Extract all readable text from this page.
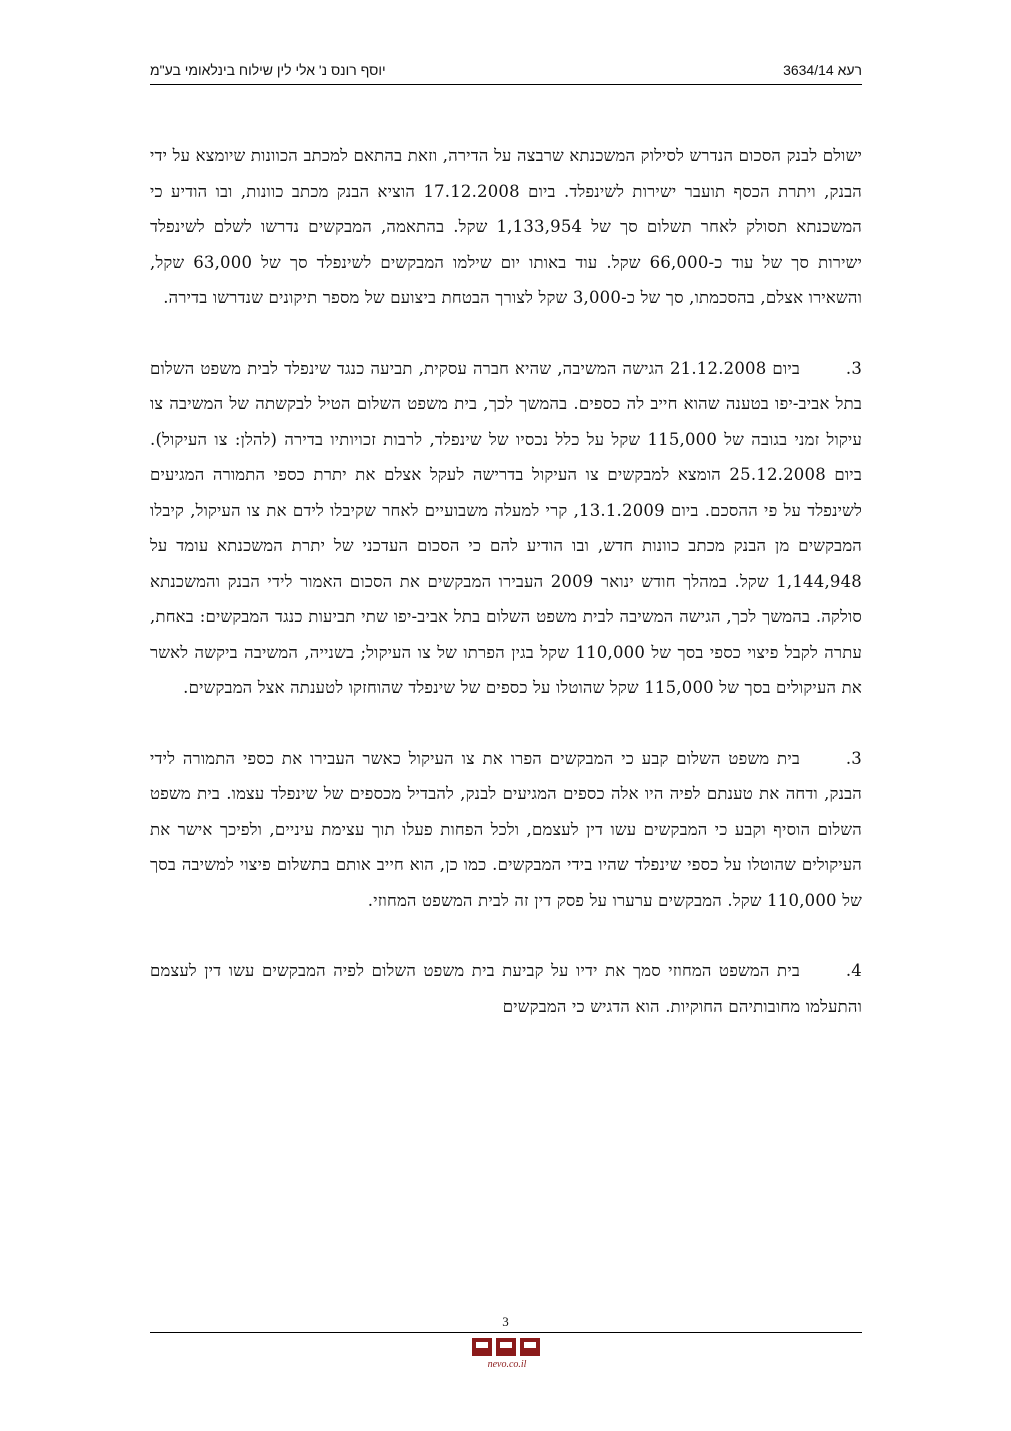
רעא 3634/14
יוסף רונס נ' אלי לין שילוח בינלאומי בע"מ

ישולם לבנק הסכום הנדרש לסילוק המשכנתא שרבצה על הדירה, וזאת בהתאם למכתב הכוונות שיומצא על ידי הבנק, ויתרת הכסף תועבר ישירות לשינפלד. ביום 17.12.2008 הוציא הבנק מכתב כוונות, ובו הודיע כי המשכנתא תסולק לאחר תשלום סך של 1,133,954 שקל. בהתאמה, המבקשים נדרשו לשלם לשינפלד ישירות סך של עוד כ-66,000 שקל. עוד באותו יום שילמו המבקשים לשינפלד סך של 63,000 שקל, והשאירו אצלם, בהסכמתו, סך של כ-3,000 שקל לצורך הבטחת ביצועם של מספר תיקונים שנדרשו בדירה.

3.ביום 21.12.2008 הגישה המשיבה, שהיא חברה עסקית, תביעה כנגד שינפלד לבית משפט השלום בתל אביב-יפו בטענה שהוא חייב לה כספים. בהמשך לכך, בית משפט השלום הטיל לבקשתה של המשיבה צו עיקול זמני בגובה של 115,000 שקל על כלל נכסיו של שינפלד, לרבות זכויותיו בדירה (להלן: צו העיקול). ביום 25.12.2008 הומצא למבקשים צו העיקול בדרישה לעקל אצלם את יתרת כספי התמורה המגיעים לשינפלד על פי ההסכם. ביום 13.1.2009, קרי למעלה משבועיים לאחר שקיבלו לידם את צו העיקול, קיבלו המבקשים מן הבנק מכתב כוונות חדש, ובו הודיע להם כי הסכום העדכני של יתרת המשכנתא עומד על 1,144,948 שקל. במהלך חודש ינואר 2009 העבירו המבקשים את הסכום האמור לידי הבנק והמשכנתא סולקה. בהמשך לכך, הגישה המשיבה לבית משפט השלום בתל אביב-יפו שתי תביעות כנגד המבקשים: באחת, עתרה לקבל פיצוי כספי בסך של 110,000 שקל בגין הפרתו של צו העיקול; בשנייה, המשיבה ביקשה לאשר את העיקולים בסך של 115,000 שקל שהוטלו על כספים של שינפלד שהוחזקו לטענתה אצל המבקשים.

3.בית משפט השלום קבע כי המבקשים הפרו את צו העיקול כאשר העבירו את כספי התמורה לידי הבנק, ודחה את טענתם לפיה היו אלה כספים המגיעים לבנק, להבדיל מכספים של שינפלד עצמו. בית משפט השלום הוסיף וקבע כי המבקשים עשו דין לעצמם, ולכל הפחות פעלו תוך עצימת עיניים, ולפיכך אישר את העיקולים שהוטלו על כספי שינפלד שהיו בידי המבקשים. כמו כן, הוא חייב אותם בתשלום פיצוי למשיבה בסך של 110,000 שקל. המבקשים ערערו על פסק דין זה לבית המשפט המחוזי.

4.בית המשפט המחוזי סמך את ידיו על קביעת בית משפט השלום לפיה המבקשים עשו דין לעצמם והתעלמו מחובותיהם החוקיות. הוא הדגיש כי המבקשים

3
nevo.co.il
